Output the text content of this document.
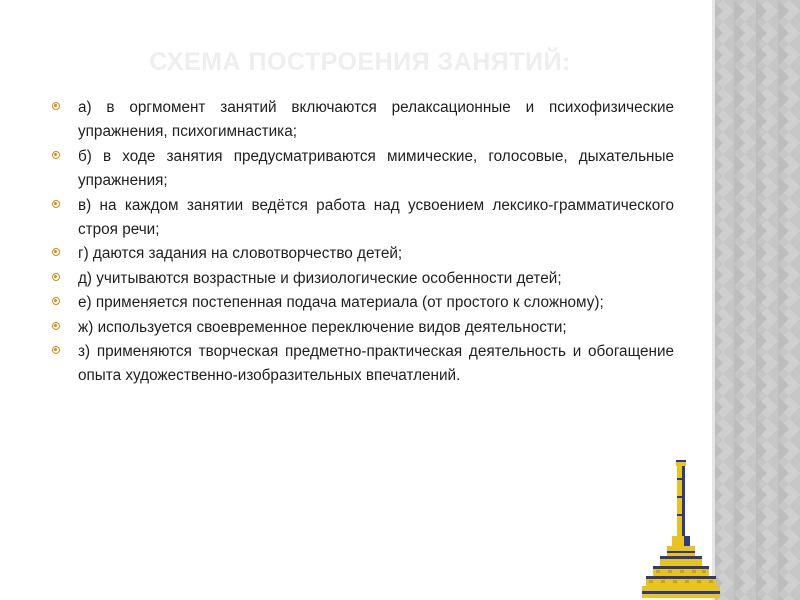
СХЕМА ПОСТРОЕНИЯ ЗАНЯТИЙ:
а) в оргмомент занятий включаются релаксационные и психофизические упражнения, психогимнастика;
б) в ходе занятия предусматриваются мимические, голосовые, дыхательные упражнения;
в) на каждом занятии ведётся работа над усвоением лексико-грамматического строя речи;
г) даются задания на словотворчество детей;
д) учитываются возрастные и физиологические особенности детей;
е) применяется постепенная подача материала (от простого к сложному);
ж) используется своевременное переключение видов деятельности;
з) применяются творческая предметно-практическая деятельность и обогащение опыта художественно-изобразительных впечатлений.
